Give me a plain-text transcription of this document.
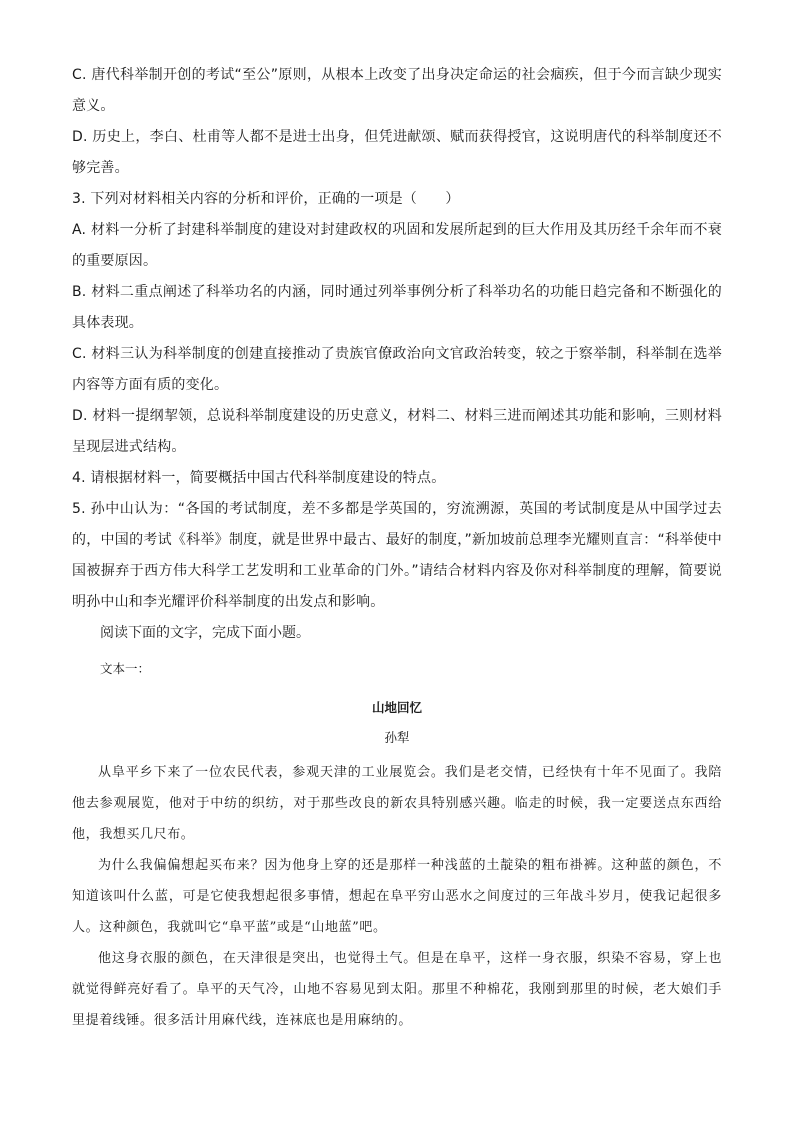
C. 唐代科举制开创的考试“至公”原则，从根本上改变了出身决定命运的社会痼疾，但于今而言缺少现实意义。

D. 历史上，李白、杜甫等人都不是进士出身，但凭进献颂、赋而获得授官，这说明唐代的科举制度还不够完善。

3. 下列对材料相关内容的分析和评价，正确的一项是（　　）

A. 材料一分析了封建科举制度的建设对封建政权的巩固和发展所起到的巨大作用及其历经千余年而不衰的重要原因。

B. 材料二重点阐述了科举功名的内涵，同时通过列举事例分析了科举功名的功能日趋完备和不断强化的具体表现。

C. 材料三认为科举制度的创建直接推动了贵族官僚政治向文官政治转变，较之于察举制，科举制在选举内容等方面有质的变化。

D. 材料一提纲挈领，总说科举制度建设的历史意义，材料二、材料三进而阐述其功能和影响，三则材料呈现层进式结构。

4. 请根据材料一，简要概括中国古代科举制度建设的特点。

5. 孙中山认为：“各国的考试制度，差不多都是学英国的，穷流溯源，英国的考试制度是从中国学过去的，中国的考试《科举》制度，就是世界中最古、最好的制度，”新加坡前总理李光耀则直言：“科举使中国被摒弃于西方伟大科学工艺发明和工业革命的门外。”请结合材料内容及你对科举制度的理解，简要说明孙中山和李光耀评价科举制度的出发点和影响。

阅读下面的文字，完成下面小题。

文本一：

山地回忆

孙犁

从阜平乡下来了一位农民代表，参观天津的工业展览会。我们是老交情，已经快有十年不见面了。我陪他去参观展览，他对于中纺的织纺，对于那些改良的新农具特别感兴趣。临走的时候，我一定要送点东西给他，我想买几尺布。

为什么我偏偏想起买布来？因为他身上穿的还是那样一种浅蓝的土靛染的粗布褂裤。这种蓝的颜色，不知道该叫什么蓝，可是它使我想起很多事情，想起在阜平穷山恶水之间度过的三年战斗岁月，使我记起很多人。这种颜色，我就叫它“阜平蓝”或是“山地蓝”吧。

他这身衣服的颜色，在天津很是突出，也觉得土气。但是在阜平，这样一身衣服，织染不容易，穿上也就觉得鲜亮好看了。阜平的天气冷，山地不容易见到太阳。那里不种棉花，我刚到那里的时候，老大娘们手里提着线锤。很多活计用麻代线，连袜底也是用麻纳的。
